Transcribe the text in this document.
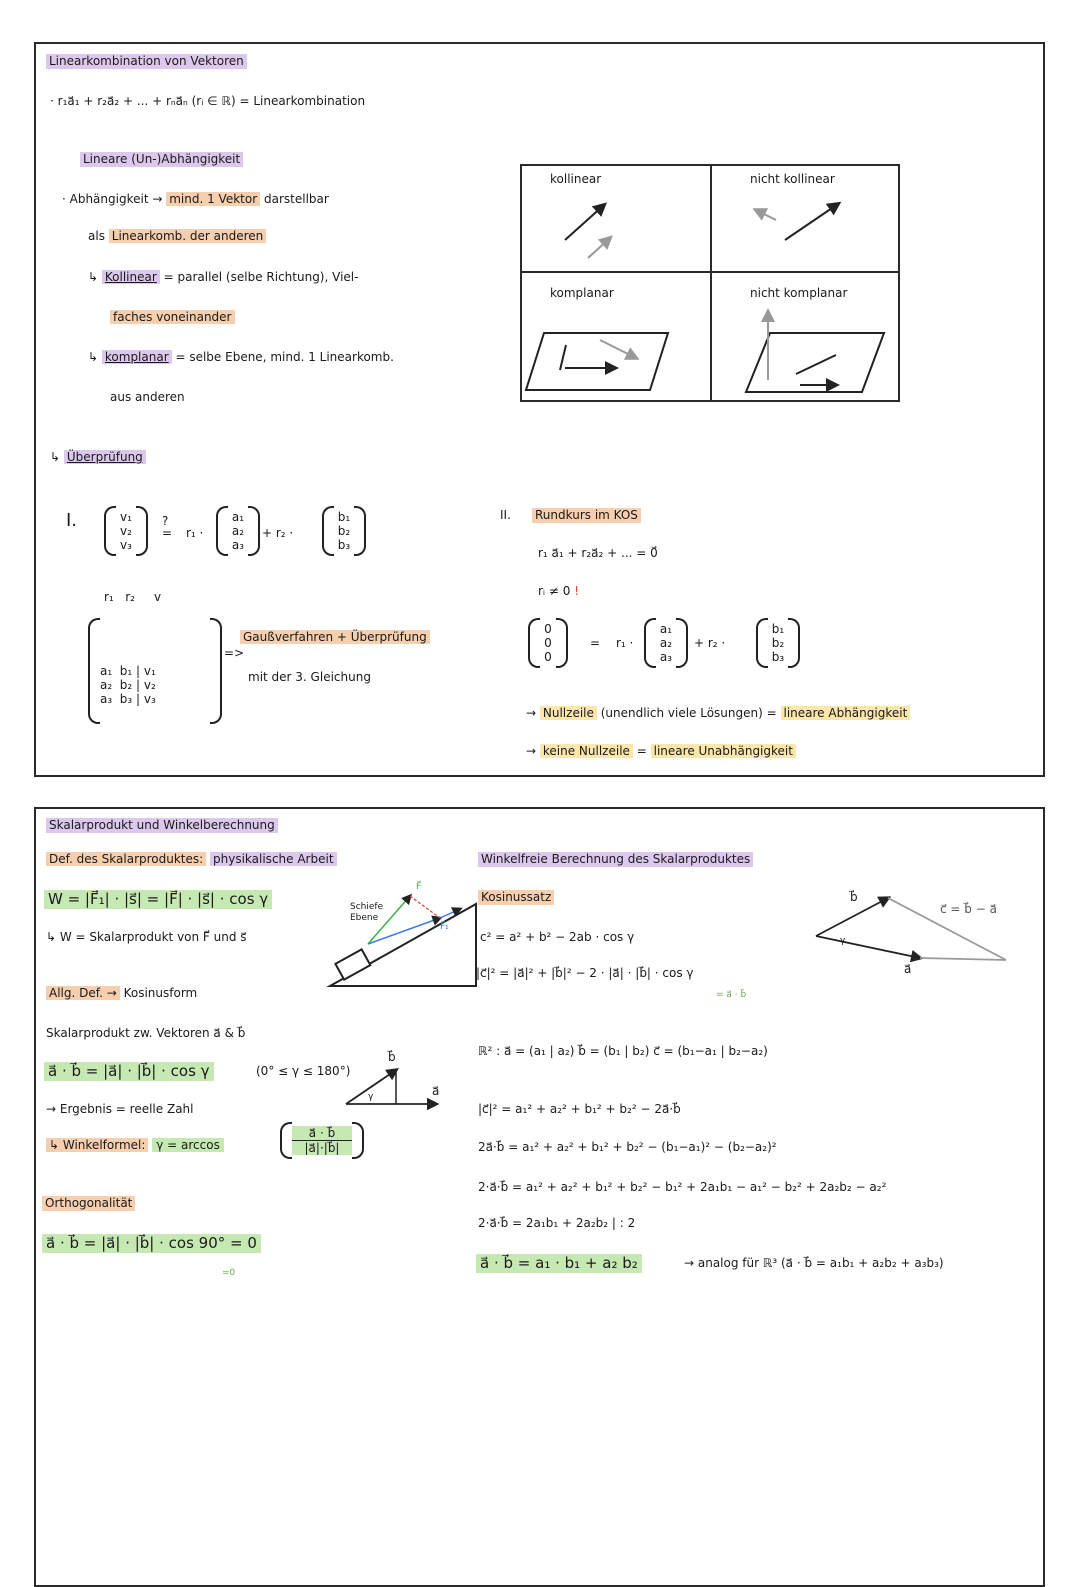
Linearkombination von Vektoren
· r₁a⃗₁ + r₂a⃗₂ + ... + rₙa⃗ₙ (rᵢ ∈ ℝ) = Linearkombination
Lineare (Un-)Abhängigkeit
· Abhängigkeit → mind. 1 Vektor darstellbar
als Linearkomb. der anderen
↳ Kollinear = parallel (selbe Richtung), Viel-
faches voneinander
↳ komplanar = selbe Ebene, mind. 1 Linearkomb.
aus anderen
kollinear	nicht kollinear
komplanar	nicht komplanar
↳ Überprüfung
I.	v₁
v₂
v₃
?
= r₁ ·
a₁
a₂
a₃
+ r₂ ·
b₁
b₂
b₃
r₁   r₂     v

a₁  b₁ | v₁
a₂  b₂ | v₂
a₃  b₃ | v₃

=>
Gaußverfahren + Überprüfung
mit der 3. Gleichung
II. Rundkurs im KOS
r₁ a⃗₁ + r₂a⃗₂ + ... = 0⃗
rᵢ ≠ 0 !
0
0
0
= r₁ ·
a₁
a₂
a₃
+ r₂ ·
b₁
b₂
b₃
→ Nullzeile (unendlich viele Lösungen) = lineare Abhängigkeit
→ keine Nullzeile = lineare Unabhängigkeit
Skalarprodukt und Winkelberechnung
Def. des Skalarproduktes: physikalische Arbeit
W = |F⃗₁| · |s⃗| = |F⃗| · |s⃗| · cos γ
↳ W = Skalarprodukt von F⃗ und s⃗
Schiefe Ebene
F⃗
F⃗₁
Allg. Def. → Kosinusform
Skalarprodukt zw. Vektoren a⃗ & b⃗
a⃗ · b⃗ = |a⃗| · |b⃗| · cos γ	(0° ≤ γ ≤ 180°)
b⃗
a⃗
γ
→ Ergebnis = reelle Zahl
↳ Winkelformel: γ = arccos	$\frac{a⃗ \cdot b⃗}{|a⃗|\cdot|b⃗|}$
Orthogonalität
a⃗ · b⃗ = |a⃗| · |b⃗| · cos 90° = 0
=0
Winkelfreie Berechnung des Skalarproduktes
Kosinussatz
c² = a² + b² − 2ab · cos γ
|c⃗|² = |a⃗|² + |b⃗|² − 2 · |a⃗| · |b⃗| · cos γ
= a⃗ · b⃗
b⃗
c⃗ = b⃗ − a⃗
a⃗
γ
ℝ² : a⃗ = (a₁ | a₂) b⃗ = (b₁ | b₂) c⃗ = (b₁−a₁ | b₂−a₂)
|c⃗|² = a₁² + a₂² + b₁² + b₂² − 2a⃗·b⃗
2a⃗·b⃗ = a₁² + a₂² + b₁² + b₂² − (b₁−a₁)² − (b₂−a₂)²
2·a⃗·b⃗ = a₁² + a₂² + b₁² + b₂² − b₁² + 2a₁b₁ − a₁² − b₂² + 2a₂b₂ − a₂²
2·a⃗·b⃗ = 2a₁b₁ + 2a₂b₂ | : 2
a⃗ · b⃗ = a₁ · b₁ + a₂ b₂	→ analog für ℝ³ (a⃗ · b⃗ = a₁b₁ + a₂b₂ + a₃b₃)
